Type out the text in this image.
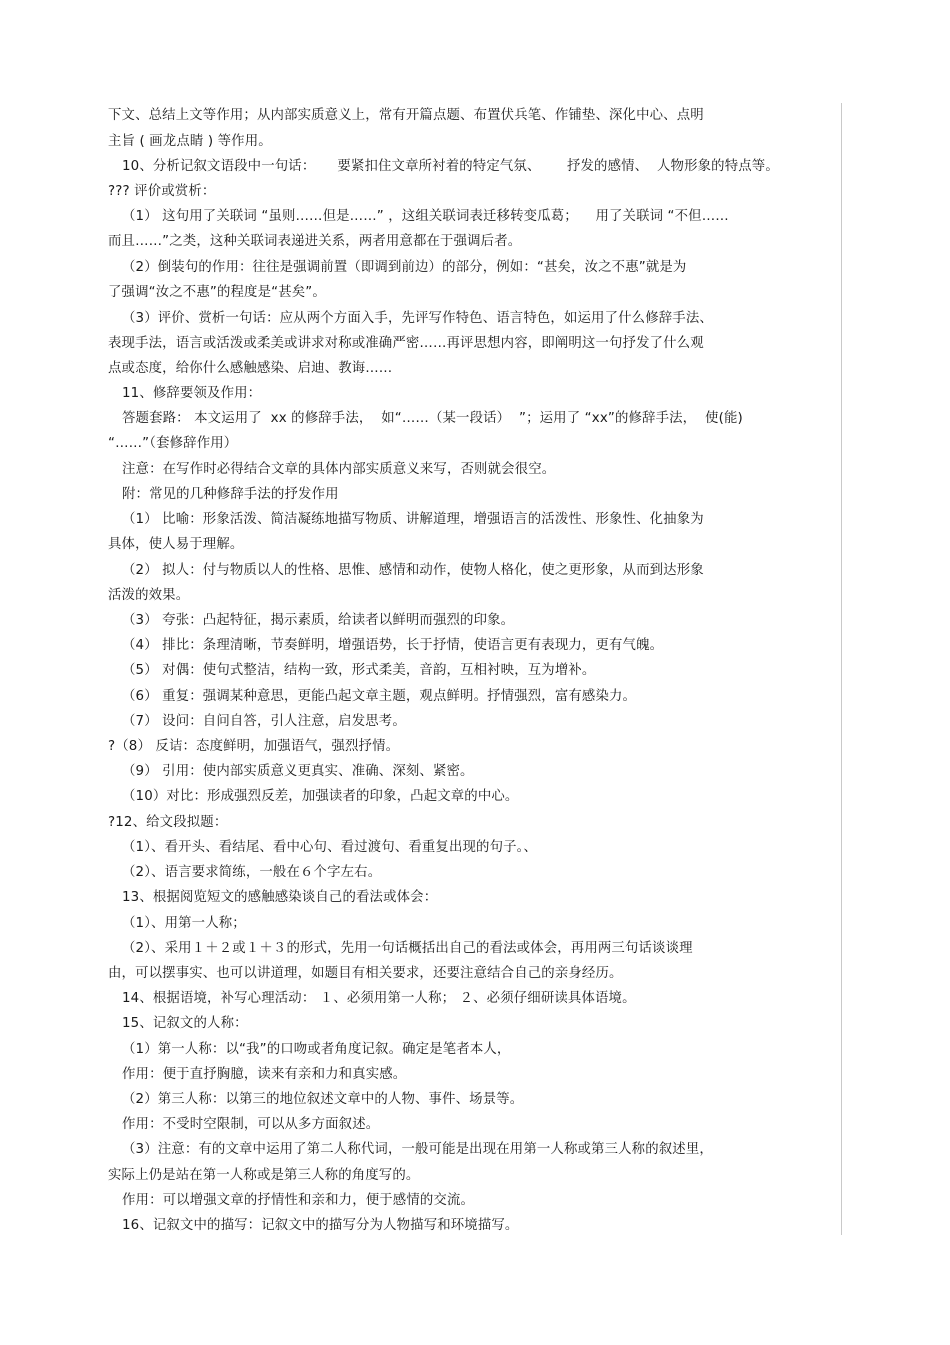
下文、总结上文等作用；从内部实质意义上，常有开篇点题、布置伏兵笔、作铺垫、深化中心、点明
主旨 ( 画龙点睛 ) 等作用。
10、分析记叙文语段中一句话：     要紧扣住文章所衬着的特定气氛、      抒发的感情、  人物形象的特点等。
??? 评价或赏析：
（1） 这句用了关联词 “虽则……但是……” ，这组关联词表迁移转变瓜葛；    用了关联词 “不但……
而且……”之类，这种关联词表递进关系，两者用意都在于强调后者。
（2）倒装句的作用：往往是强调前置（即调到前边）的部分，例如：“甚矣，汝之不惠”就是为
了强调“汝之不惠”的程度是“甚矣”。
（3）评价、赏析一句话：应从两个方面入手，先评写作特色、语言特色，如运用了什么修辞手法、
表现手法，语言或活泼或柔美或讲求对称或准确严密……再评思想内容，即阐明这一句抒发了什么观
点或态度，给你什么感触感染、启迪、教诲……
11、修辞要领及作用：
答题套路： 本文运用了  xx 的修辞手法，  如“……（某一段话）  ”；运用了 “xx”的修辞手法，  使(能)
“……”（套修辞作用）
注意：在写作时必得结合文章的具体内部实质意义来写，否则就会很空。
附：常见的几种修辞手法的抒发作用
（1） 比喻：形象活泼、简洁凝练地描写物质、讲解道理，增强语言的活泼性、形象性、化抽象为
具体，使人易于理解。
（2） 拟人：付与物质以人的性格、思惟、感情和动作，使物人格化，使之更形象，从而到达形象
活泼的效果。
（3） 夸张：凸起特征，揭示素质，给读者以鲜明而强烈的印象。
（4） 排比：条理清晰，节奏鲜明，增强语势，长于抒情，使语言更有表现力，更有气魄。
（5） 对偶：使句式整洁，结构一致，形式柔美，音韵，互相衬映，互为增补。
（6） 重复：强调某种意思，更能凸起文章主题，观点鲜明。抒情强烈，富有感染力。
（7） 设问：自问自答，引人注意，启发思考。
?（8） 反诘：态度鲜明，加强语气，强烈抒情。
（9） 引用：使内部实质意义更真实、准确、深刻、紧密。
（10）对比：形成强烈反差，加强读者的印象，凸起文章的中心。
?12、给文段拟题：
（1）、看开头、看结尾、看中心句、看过渡句、看重复出现的句子。、
（2）、语言要求简练，一般在６个字左右。
13、根据阅览短文的感触感染谈自己的看法或体会：
（1）、用第一人称；
（2）、采用１＋２或１＋３的形式，先用一句话概括出自己的看法或体会，再用两三句话谈谈理
由，可以摆事实、也可以讲道理，如题目有相关要求，还要注意结合自己的亲身经历。
14、根据语境，补写心理活动： １、必须用第一人称； ２、必须仔细研读具体语境。
15、记叙文的人称：
（1）第一人称：以“我”的口吻或者角度记叙。确定是笔者本人，
作用：便于直抒胸臆，读来有亲和力和真实感。
（2）第三人称：以第三的地位叙述文章中的人物、事件、场景等。
作用：不受时空限制，可以从多方面叙述。
（3）注意：有的文章中运用了第二人称代词，一般可能是出现在用第一人称或第三人称的叙述里，
实际上仍是站在第一人称或是第三人称的角度写的。
作用：可以增强文章的抒情性和亲和力，便于感情的交流。
16、记叙文中的描写：记叙文中的描写分为人物描写和环境描写。
